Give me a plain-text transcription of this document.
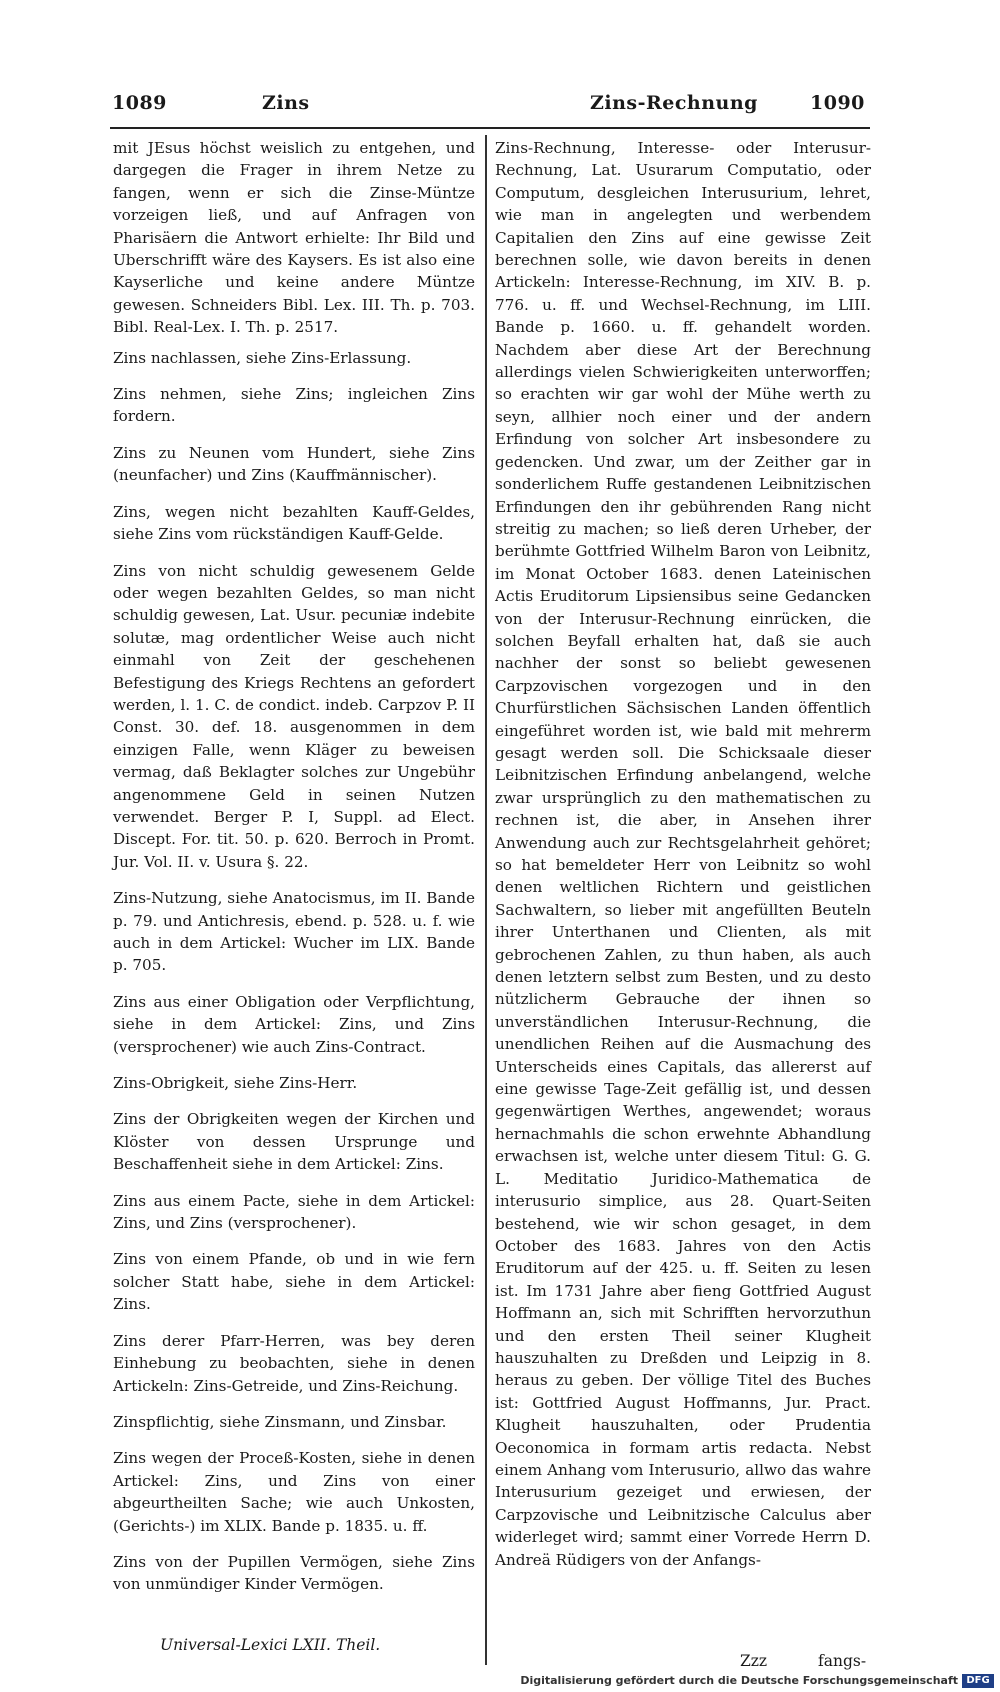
1089	Zins	Zins-Rechnung	1090

mit JEsus höchst weislich zu entgehen, und dargegen die Frager in ihrem Netze zu fangen, wenn er sich die Zinse-Müntze vorzeigen ließ, und auf Anfragen von Pharisäern die Antwort erhielte: Ihr Bild und Uberschrifft wäre des Kaysers. Es ist also eine Kayserliche und keine andere Müntze gewesen. Schneiders Bibl. Lex. III. Th. p. 703. Bibl. Real-Lex. I. Th. p. 2517.

Zins nachlassen, siehe Zins-Erlassung.

Zins nehmen, siehe Zins; ingleichen Zins fordern.

Zins zu Neunen vom Hundert, siehe Zins (neunfacher) und Zins (Kauffmännischer).

Zins, wegen nicht bezahlten Kauff-Geldes, siehe Zins vom rückständigen Kauff-Gelde.

Zins von nicht schuldig gewesenem Gelde oder wegen bezahlten Geldes, so man nicht schuldig gewesen, Lat. Usur. pecuniæ indebite solutæ, mag ordentlicher Weise auch nicht einmahl von Zeit der geschehenen Befestigung des Kriegs Rechtens an gefordert werden, l. 1. C. de condict. indeb. Carpzov P. II Const. 30. def. 18. ausgenommen in dem einzigen Falle, wenn Kläger zu beweisen vermag, daß Beklagter solches zur Ungebühr angenommene Geld in seinen Nutzen verwendet. Berger P. I, Suppl. ad Elect. Discept. For. tit. 50. p. 620. Berroch in Promt. Jur. Vol. II. v. Usura §. 22.

Zins-Nutzung, siehe Anatocismus, im II. Bande p. 79. und Antichresis, ebend. p. 528. u. f. wie auch in dem Artickel: Wucher im LIX. Bande p. 705.

Zins aus einer Obligation oder Verpflichtung, siehe in dem Artickel: Zins, und Zins (versprochener) wie auch Zins-Contract.

Zins-Obrigkeit, siehe Zins-Herr.

Zins der Obrigkeiten wegen der Kirchen und Klöster von dessen Ursprunge und Beschaffenheit siehe in dem Artickel: Zins.

Zins aus einem Pacte, siehe in dem Artickel: Zins, und Zins (versprochener).

Zins von einem Pfande, ob und in wie fern solcher Statt habe, siehe in dem Artickel: Zins.

Zins derer Pfarr-Herren, was bey deren Einhebung zu beobachten, siehe in denen Artickeln: Zins-Getreide, und Zins-Reichung.

Zinspflichtig, siehe Zinsmann, und Zinsbar.

Zins wegen der Proceß-Kosten, siehe in denen Artickel: Zins, und Zins von einer abgeurtheilten Sache; wie auch Unkosten, (Gerichts-) im XLIX. Bande p. 1835. u. ff.

Zins von der Pupillen Vermögen, siehe Zins von unmündiger Kinder Vermögen.

Zins-Rechnung, Interesse- oder Interusur-Rechnung, Lat. Usurarum Computatio, oder Computum, desgleichen Interusurium, lehret, wie man in angelegten und werbendem Capitalien den Zins auf eine gewisse Zeit berechnen solle, wie davon bereits in denen Artickeln: Interesse-Rechnung, im XIV. B. p. 776. u. ff. und Wechsel-Rechnung, im LIII. Bande p. 1660. u. ff. gehandelt worden. Nachdem aber diese Art der Berechnung allerdings vielen Schwierigkeiten unterworffen; so erachten wir gar wohl der Mühe werth zu seyn, allhier noch einer und der andern Erfindung von solcher Art insbesondere zu gedencken. Und zwar, um der Zeither gar in sonderlichem Ruffe gestandenen Leibnitzischen Erfindungen den ihr gebührenden Rang nicht streitig zu machen; so ließ deren Urheber, der berühmte Gottfried Wilhelm Baron von Leibnitz, im Monat October 1683. denen Lateinischen Actis Eruditorum Lipsiensibus seine Gedancken von der Interusur-Rechnung einrücken, die solchen Beyfall erhalten hat, daß sie auch nachher der sonst so beliebt gewesenen Carpzovischen vorgezogen und in den Churfürstlichen Sächsischen Landen öffentlich eingeführet worden ist, wie bald mit mehrerm gesagt werden soll. Die Schicksaale dieser Leibnitzischen Erfindung anbelangend, welche zwar ursprünglich zu den mathematischen zu rechnen ist, die aber, in Ansehen ihrer Anwendung auch zur Rechtsgelahrheit gehöret; so hat bemeldeter Herr von Leibnitz so wohl denen weltlichen Richtern und geistlichen Sachwaltern, so lieber mit angefüllten Beuteln ihrer Unterthanen und Clienten, als mit gebrochenen Zahlen, zu thun haben, als auch denen letztern selbst zum Besten, und zu desto nützlicherm Gebrauche der ihnen so unverständlichen Interusur-Rechnung, die unendlichen Reihen auf die Ausmachung des Unterscheids eines Capitals, das allererst auf eine gewisse Tage-Zeit gefällig ist, und dessen gegenwärtigen Werthes, angewendet; woraus hernachmahls die schon erwehnte Abhandlung erwachsen ist, welche unter diesem Titul: G. G. L. Meditatio Juridico-Mathematica de interusurio simplice, aus 28. Quart-Seiten bestehend, wie wir schon gesaget, in dem October des 1683. Jahres von den Actis Eruditorum auf der 425. u. ff. Seiten zu lesen ist. Im 1731 Jahre aber fieng Gottfried August Hoffmann an, sich mit Schrifften hervorzuthun und den ersten Theil seiner Klugheit hauszuhalten zu Dreßden und Leipzig in 8. heraus zu geben. Der völlige Titel des Buches ist: Gottfried August Hoffmanns, Jur. Pract. Klugheit hauszuhalten, oder Prudentia Oeconomica in formam artis redacta. Nebst einem Anhang vom Interusurio, allwo das wahre Interusurium gezeiget und erwiesen, der Carpzovische und Leibnitzische Calculus aber widerleget wird; sammt einer Vorrede Herrn D. Andreä Rüdigers von der Anfangs-

Universal-Lexici LXII. Theil.
Zzz	fangs-
Digitalisierung gefördert durch die Deutsche Forschungsgemeinschaft DFG
